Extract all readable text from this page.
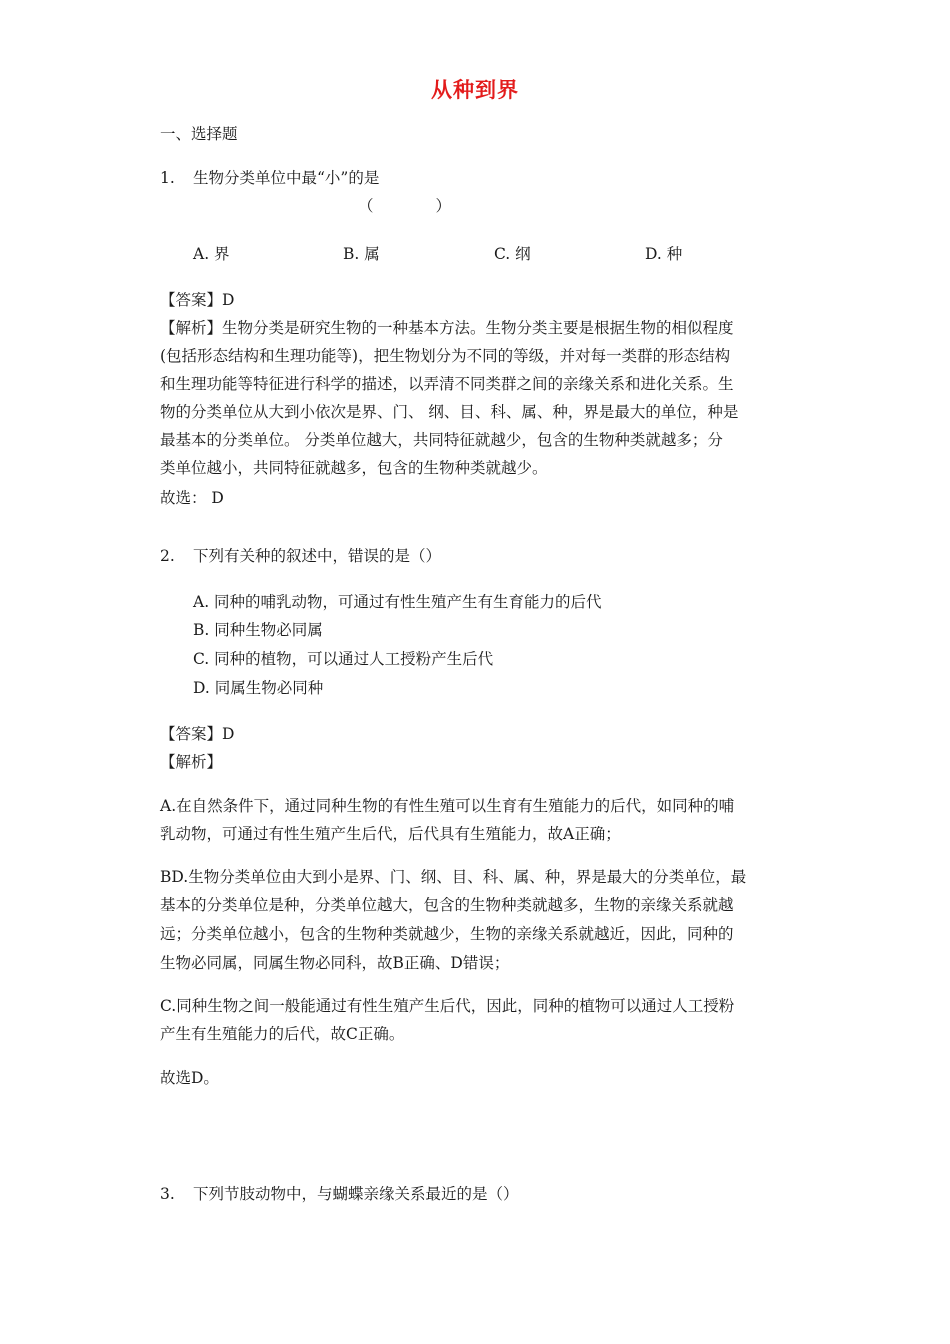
从种到界
一、选择题
1. 生物分类单位中最“小”的是
（	）
A. 界	B. 属	C. 纲	D. 种
【答案】D
【解析】生物分类是研究生物的一种基本方法。生物分类主要是根据生物的相似程度
(包括形态结构和生理功能等)，把生物划分为不同的等级，并对每一类群的形态结构
和生理功能等特征进行科学的描述，以弄清不同类群之间的亲缘关系和进化关系。生
物的分类单位从大到小依次是界、门、 纲、目、科、属、种，界是最大的单位，种是
最基本的分类单位。 分类单位越大，共同特征就越少，包含的生物种类就越多；分
类单位越小，共同特征就越多，包含的生物种类就越少。
故选： D
2. 下列有关种的叙述中，错误的是（）
A. 同种的哺乳动物，可通过有性生殖产生有生育能力的后代
B. 同种生物必同属
C. 同种的植物，可以通过人工授粉产生后代
D. 同属生物必同种
【答案】D
【解析】
A.在自然条件下，通过同种生物的有性生殖可以生育有生殖能力的后代，如同种的哺
乳动物，可通过有性生殖产生后代，后代具有生殖能力，故A正确；
BD.生物分类单位由大到小是界、门、纲、目、科、属、种，界是最大的分类单位，最
基本的分类单位是种，分类单位越大，包含的生物种类就越多，生物的亲缘关系就越
远；分类单位越小，包含的生物种类就越少，生物的亲缘关系就越近，因此，同种的
生物必同属，同属生物必同科，故B正确、D错误；
C.同种生物之间一般能通过有性生殖产生后代，因此，同种的植物可以通过人工授粉
产生有生殖能力的后代，故C正确。
故选D。
3. 下列节肢动物中，与蝴蝶亲缘关系最近的是（）
